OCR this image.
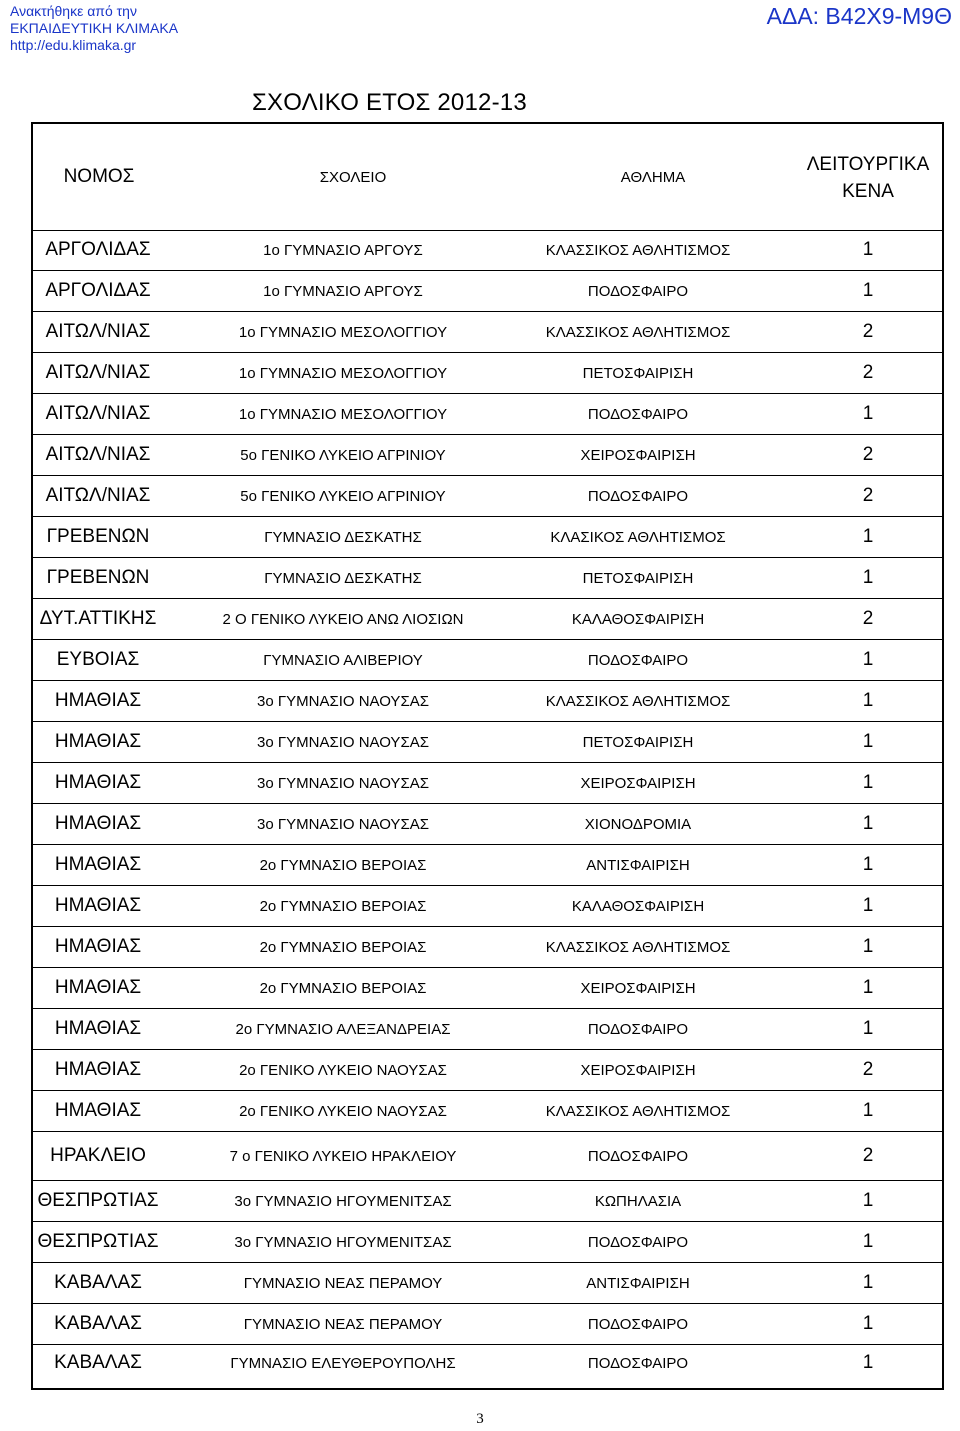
Ανακτήθηκε από την
ΕΚΠΑΙΔΕΥΤΙΚΗ ΚΛΙΜΑΚΑ
http://edu.klimaka.gr
ΑΔΑ: Β42Χ9-Μ9Θ
ΣΧΟΛΙΚΟ ΕΤΟΣ 2012-13
ΝΟΜΟΣ	ΣΧΟΛΕΙΟ	ΑΘΛΗΜΑ
ΛΕΙΤΟΥΡΓΙΚΑ
ΚΕΝΑ
ΑΡΓΟΛΙΔΑΣ	1ο ΓΥΜΝΑΣΙΟ ΑΡΓΟΥΣ	ΚΛΑΣΣΙΚΟΣ ΑΘΛΗΤΙΣΜΟΣ	1
ΑΡΓΟΛΙΔΑΣ	1ο ΓΥΜΝΑΣΙΟ ΑΡΓΟΥΣ	ΠΟΔΟΣΦΑΙΡΟ	1
ΑΙΤΩΛ/ΝΙΑΣ	1ο ΓΥΜΝΑΣΙΟ ΜΕΣΟΛΟΓΓΙΟΥ	ΚΛΑΣΣΙΚΟΣ ΑΘΛΗΤΙΣΜΟΣ	2
ΑΙΤΩΛ/ΝΙΑΣ	1ο ΓΥΜΝΑΣΙΟ ΜΕΣΟΛΟΓΓΙΟΥ	ΠΕΤΟΣΦΑΙΡΙΣΗ	2
ΑΙΤΩΛ/ΝΙΑΣ	1ο ΓΥΜΝΑΣΙΟ ΜΕΣΟΛΟΓΓΙΟΥ	ΠΟΔΟΣΦΑΙΡΟ	1
ΑΙΤΩΛ/ΝΙΑΣ	5ο ΓΕΝΙΚΟ ΛΥΚΕΙΟ ΑΓΡΙΝΙΟΥ	ΧΕΙΡΟΣΦΑΙΡΙΣΗ	2
ΑΙΤΩΛ/ΝΙΑΣ	5ο ΓΕΝΙΚΟ ΛΥΚΕΙΟ ΑΓΡΙΝΙΟΥ	ΠΟΔΟΣΦΑΙΡΟ	2
ΓΡΕΒΕΝΩΝ	ΓΥΜΝΑΣΙΟ ΔΕΣΚΑΤΗΣ	ΚΛΑΣΙΚΟΣ ΑΘΛΗΤΙΣΜΟΣ	1
ΓΡΕΒΕΝΩΝ	ΓΥΜΝΑΣΙΟ ΔΕΣΚΑΤΗΣ	ΠΕΤΟΣΦΑΙΡΙΣΗ	1
ΔΥΤ.ΑΤΤΙΚΗΣ	2 Ο ΓΕΝΙΚΟ ΛΥΚΕΙΟ ΑΝΩ ΛΙΟΣΙΩΝ	ΚΑΛΑΘΟΣΦΑΙΡΙΣΗ	2
ΕΥΒΟΙΑΣ	ΓΥΜΝΑΣΙΟ ΑΛΙΒΕΡΙΟΥ	ΠΟΔΟΣΦΑΙΡΟ	1
ΗΜΑΘΙΑΣ	3ο ΓΥΜΝΑΣΙΟ ΝΑΟΥΣΑΣ	ΚΛΑΣΣΙΚΟΣ ΑΘΛΗΤΙΣΜΟΣ	1
ΗΜΑΘΙΑΣ	3ο ΓΥΜΝΑΣΙΟ ΝΑΟΥΣΑΣ	ΠΕΤΟΣΦΑΙΡΙΣΗ	1
ΗΜΑΘΙΑΣ	3ο ΓΥΜΝΑΣΙΟ ΝΑΟΥΣΑΣ	ΧΕΙΡΟΣΦΑΙΡΙΣΗ	1
ΗΜΑΘΙΑΣ	3ο ΓΥΜΝΑΣΙΟ ΝΑΟΥΣΑΣ	ΧΙΟΝΟΔΡΟΜΙΑ	1
ΗΜΑΘΙΑΣ	2ο ΓΥΜΝΑΣΙΟ ΒΕΡΟΙΑΣ	ΑΝΤΙΣΦΑΙΡΙΣΗ	1
ΗΜΑΘΙΑΣ	2ο ΓΥΜΝΑΣΙΟ ΒΕΡΟΙΑΣ	ΚΑΛΑΘΟΣΦΑΙΡΙΣΗ	1
ΗΜΑΘΙΑΣ	2ο ΓΥΜΝΑΣΙΟ ΒΕΡΟΙΑΣ	ΚΛΑΣΣΙΚΟΣ ΑΘΛΗΤΙΣΜΟΣ	1
ΗΜΑΘΙΑΣ	2ο ΓΥΜΝΑΣΙΟ ΒΕΡΟΙΑΣ	ΧΕΙΡΟΣΦΑΙΡΙΣΗ	1
ΗΜΑΘΙΑΣ	2ο ΓΥΜΝΑΣΙΟ ΑΛΕΞΑΝΔΡΕΙΑΣ	ΠΟΔΟΣΦΑΙΡΟ	1
ΗΜΑΘΙΑΣ	2ο ΓΕΝΙΚΟ ΛΥΚΕΙΟ ΝΑΟΥΣΑΣ	ΧΕΙΡΟΣΦΑΙΡΙΣΗ	2
ΗΜΑΘΙΑΣ	2ο ΓΕΝΙΚΟ ΛΥΚΕΙΟ ΝΑΟΥΣΑΣ	ΚΛΑΣΣΙΚΟΣ ΑΘΛΗΤΙΣΜΟΣ	1
ΗΡΑΚΛΕΙΟ	7 ο ΓΕΝΙΚΟ ΛΥΚΕΙΟ ΗΡΑΚΛΕΙΟΥ	ΠΟΔΟΣΦΑΙΡΟ	2
ΘΕΣΠΡΩΤΙΑΣ	3ο ΓΥΜΝΑΣΙΟ ΗΓΟΥΜΕΝΙΤΣΑΣ	ΚΩΠΗΛΑΣΙΑ	1
ΘΕΣΠΡΩΤΙΑΣ	3ο ΓΥΜΝΑΣΙΟ ΗΓΟΥΜΕΝΙΤΣΑΣ	ΠΟΔΟΣΦΑΙΡΟ	1
ΚΑΒΑΛΑΣ	ΓΥΜΝΑΣΙΟ ΝΕΑΣ ΠΕΡΑΜΟΥ	ΑΝΤΙΣΦΑΙΡΙΣΗ	1
ΚΑΒΑΛΑΣ	ΓΥΜΝΑΣΙΟ ΝΕΑΣ ΠΕΡΑΜΟΥ	ΠΟΔΟΣΦΑΙΡΟ	1
ΚΑΒΑΛΑΣ	ΓΥΜΝΑΣΙΟ ΕΛΕΥΘΕΡΟΥΠΟΛΗΣ	ΠΟΔΟΣΦΑΙΡΟ	1
3
